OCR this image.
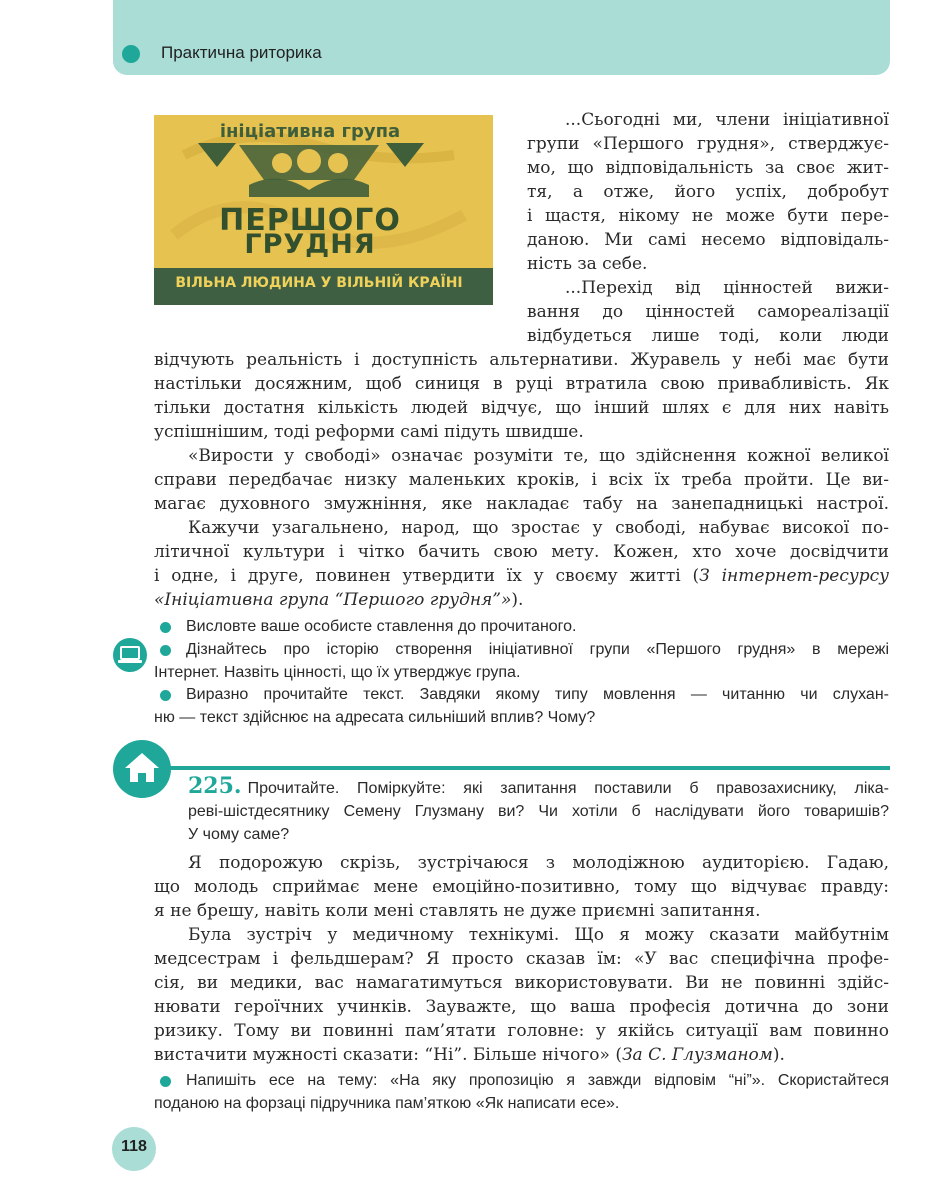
Практична риторика
ініціативна група
ПЕРШОГО
ГРУДНЯ
ВІЛЬНА ЛЮДИНА У ВІЛЬНІЙ КРАЇНІ

...Сьогодні ми, члени ініціативної

групи «Першого грудня», стверджує-

мо, що відповідальність за своє жит-

тя, а отже, його успіх, добробут

і щастя, нікому не може бути пере-

даною. Ми самі несемо відповідаль-

ність за себе.

...Перехід від цінностей вижи-

вання до цінностей самореалізації

відбудеться лише тоді, коли люди

відчують реальність і доступність альтернативи. Журавель у небі має бути

настільки досяжним, щоб синиця в руці втратила свою привабливість. Як

тільки достатня кількість людей відчує, що інший шлях є для них навіть

успішнішим, тоді реформи самі підуть швидше.

«Вирости у свободі» означає розуміти те, що здійснення кожної великої

справи передбачає низку маленьких кроків, і всіх їх треба пройти. Це ви-

магає духовного змужніння, яке накладає табу на занепадницькі настрої.

Кажучи узагальнено, народ, що зростає у свободі, набуває високої по-

літичної культури і чітко бачить свою мету. Кожен, хто хоче досвідчити

і одне, і друге, повинен утвердити їх у своєму житті (З інтернет-ресурсу

«Ініціативна група “Першого грудня”»).

Висловте ваше особисте ставлення до прочитаного.

Дізнайтесь про історію створення ініціативної групи «Першого грудня» в мережі

Інтернет. Назвіть цінності, що їх утверджує група.

Виразно прочитайте текст. Завдяки якому типу мовлення — читанню чи слухан-

ню — текст здійснює на адресата сильніший вплив? Чому?

225. Прочитайте. Поміркуйте: які запитання поставили б правозахиснику, ліка-

реві-шістдесятнику Семену Глузману ви? Чи хотіли б наслідувати його товаришів?

У чому саме?

Я подорожую скрізь, зустрічаюся з молодіжною аудиторією. Гадаю,

що молодь сприймає мене емоційно-позитивно, тому що відчуває правду:

я не брешу, навіть коли мені ставлять не дуже приємні запитання.

Була зустріч у медичному технікумі. Що я можу сказати майбутнім

медсестрам і фельдшерам? Я просто сказав їм: «У вас специфічна профе-

сія, ви медики, вас намагатимуться використовувати. Ви не повинні здійс-

нювати героїчних учинків. Зауважте, що ваша професія дотична до зони

ризику. Тому ви повинні пам’ятати головне: у якійсь ситуації вам повинно

вистачити мужності сказати: “Ні”. Більше нічого» (За С. Глузманом).

Напишіть есе на тему: «На яку пропозицію я завжди відповім “ні”». Скористайтеся

поданою на форзаці підручника пам’яткою «Як написати есе».

118
